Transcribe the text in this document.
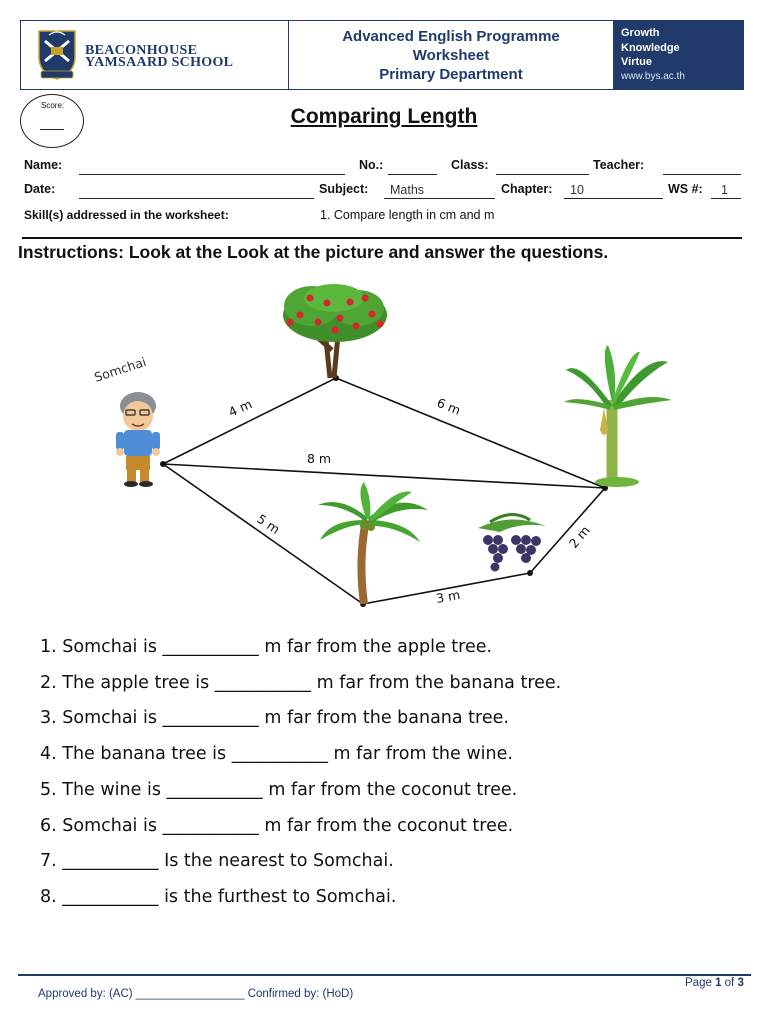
BEACONHOUSE
YAMSAARD SCHOOL
Advanced English Programme
Worksheet
Primary Department
Growth
Knowledge
Virtue
www.bys.ac.th
Score:	Comparing Length
Name:	No.:	Class:	Teacher:
Date:	Subject:	Maths	Chapter:	10	WS #:	1
Skill(s) addressed in the worksheet:	1. Compare length in cm and m
Instructions: Look at the Look at the picture and answer the questions.
Somchai
4 m	6 m
8 m
5 m
3 m
2 m
1. Somchai is ___________ m far from the apple tree.
2. The apple tree is ___________ m far from the banana tree.
3. Somchai is ___________ m far from the banana tree.
4. The banana tree is ___________ m far from the wine.
5. The wine is ___________ m far from the coconut tree.
6. Somchai is ___________ m far from the coconut tree.
7. ___________ Is the nearest to Somchai.
8. ___________ is the furthest to Somchai.
Approved by: (AC) _________________ Confirmed by: (HoD)
Page 1 of 3
